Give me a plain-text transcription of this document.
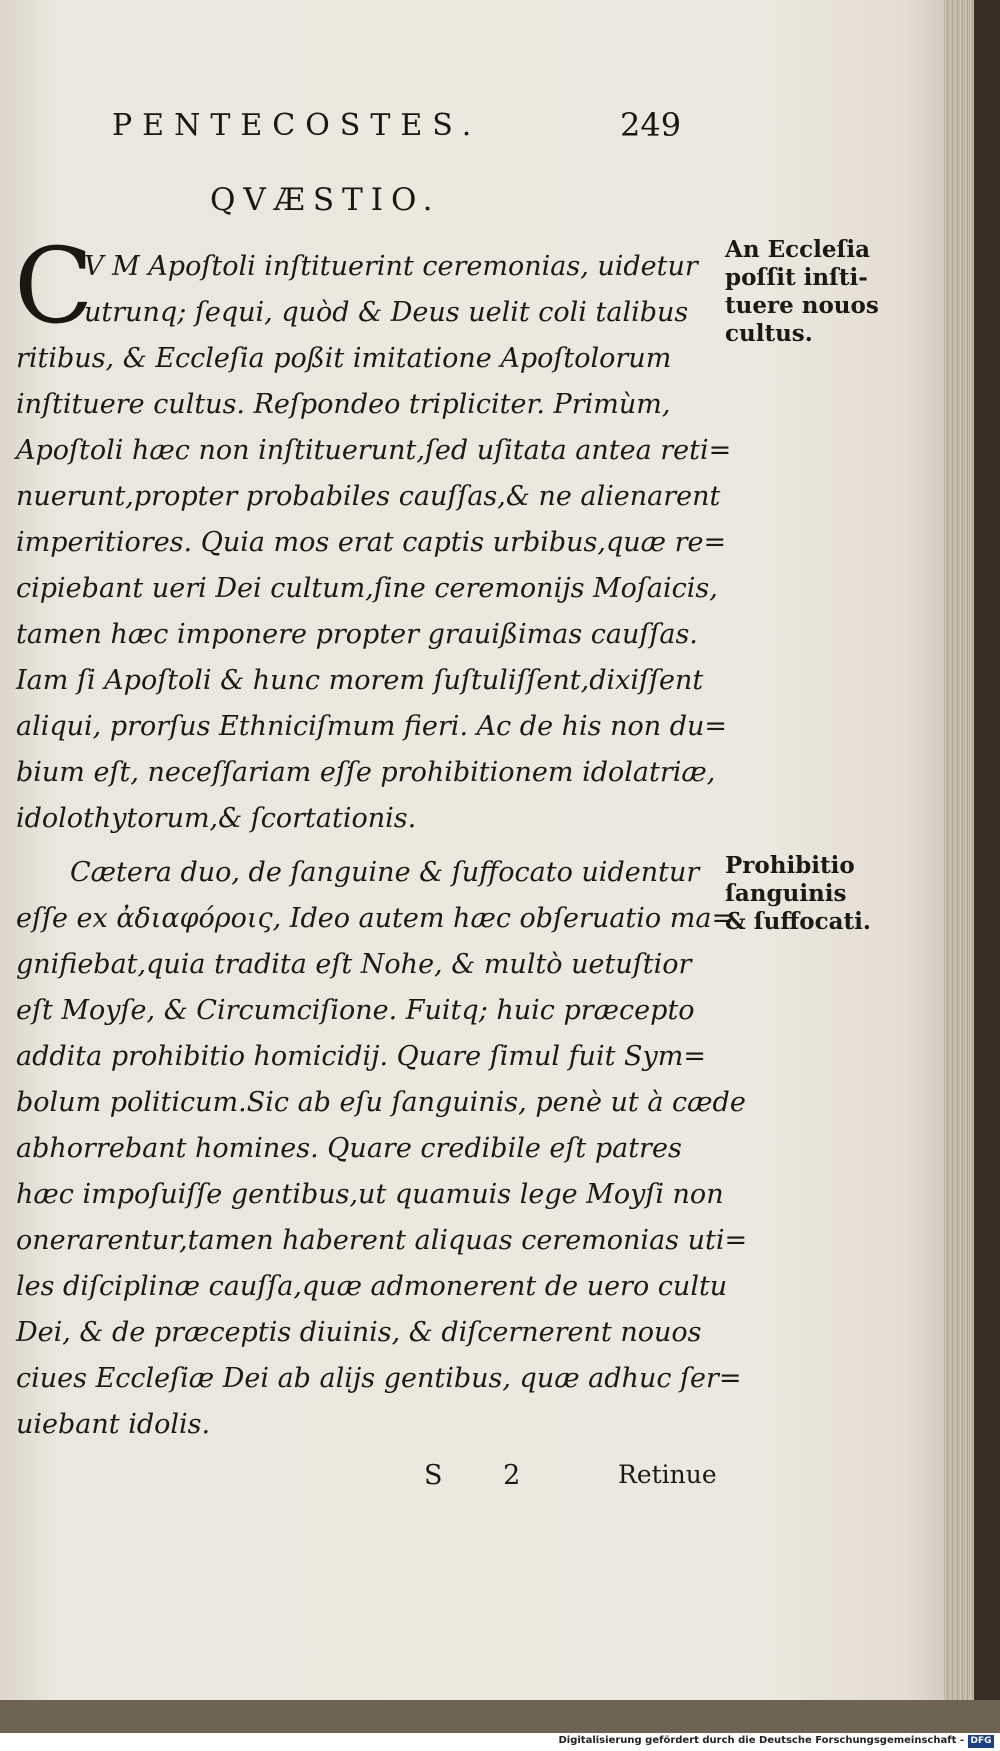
PENTECOSTES.	249
QVÆSTIO.
C
V M Apoſtoli inſtituerint ceremonias, uidetur
utrunq; ſequi, quòd & Deus uelit coli talibus
ritibus, & Eccleſia poßit imitatione Apoſtolorum
inſtituere cultus. Reſpondeo tripliciter. Primùm,
Apoſtoli hæc non inſtituerunt,ſed uſitata antea reti=
nuerunt,propter probabiles cauſſas,& ne alienarent
imperitiores. Quia mos erat captis urbibus,quæ re=
cipiebant ueri Dei cultum,ſine ceremonijs Moſaicis,
tamen hæc imponere propter grauißimas cauſſas.
Iam ſi Apoſtoli & hunc morem ſuſtuliſſent,dixiſſent
aliqui, prorſus Ethniciſmum fieri. Ac de his non du=
bium eſt, neceſſariam eſſe prohibitionem idolatriæ,
idolothytorum,& ſcortationis.
An Eccleſia
poſſit inſti-
tuere nouos
cultus.
Cætera duo, de ſanguine & ſuffocato uidentur
eſſe ex ἀδιαφόροις, Ideo autem hæc obſeruatio ma=
gnifiebat,quia tradita eſt Nohe, & multò uetuſtior
eſt Moyſe, & Circumciſione. Fuitq; huic præcepto
addita prohibitio homicidij. Quare ſimul fuit Sym=
bolum politicum.Sic ab eſu ſanguinis, penè ut à cæde
abhorrebant homines. Quare credibile eſt patres
hæc impoſuiſſe gentibus,ut quamuis lege Moyſi non
onerarentur,tamen haberent aliquas ceremonias uti=
les diſciplinæ cauſſa,quæ admonerent de uero cultu
Dei, & de præceptis diuinis, & diſcernerent nouos
ciues Eccleſiæ Dei ab alijs gentibus, quæ adhuc ſer=
uiebant idolis.
Prohibitio
ſanguinis
& ſuffocati.
S 2	Retinue
Digitalisierung gefördert durch die Deutsche Forschungsgemeinschaft - DFG
